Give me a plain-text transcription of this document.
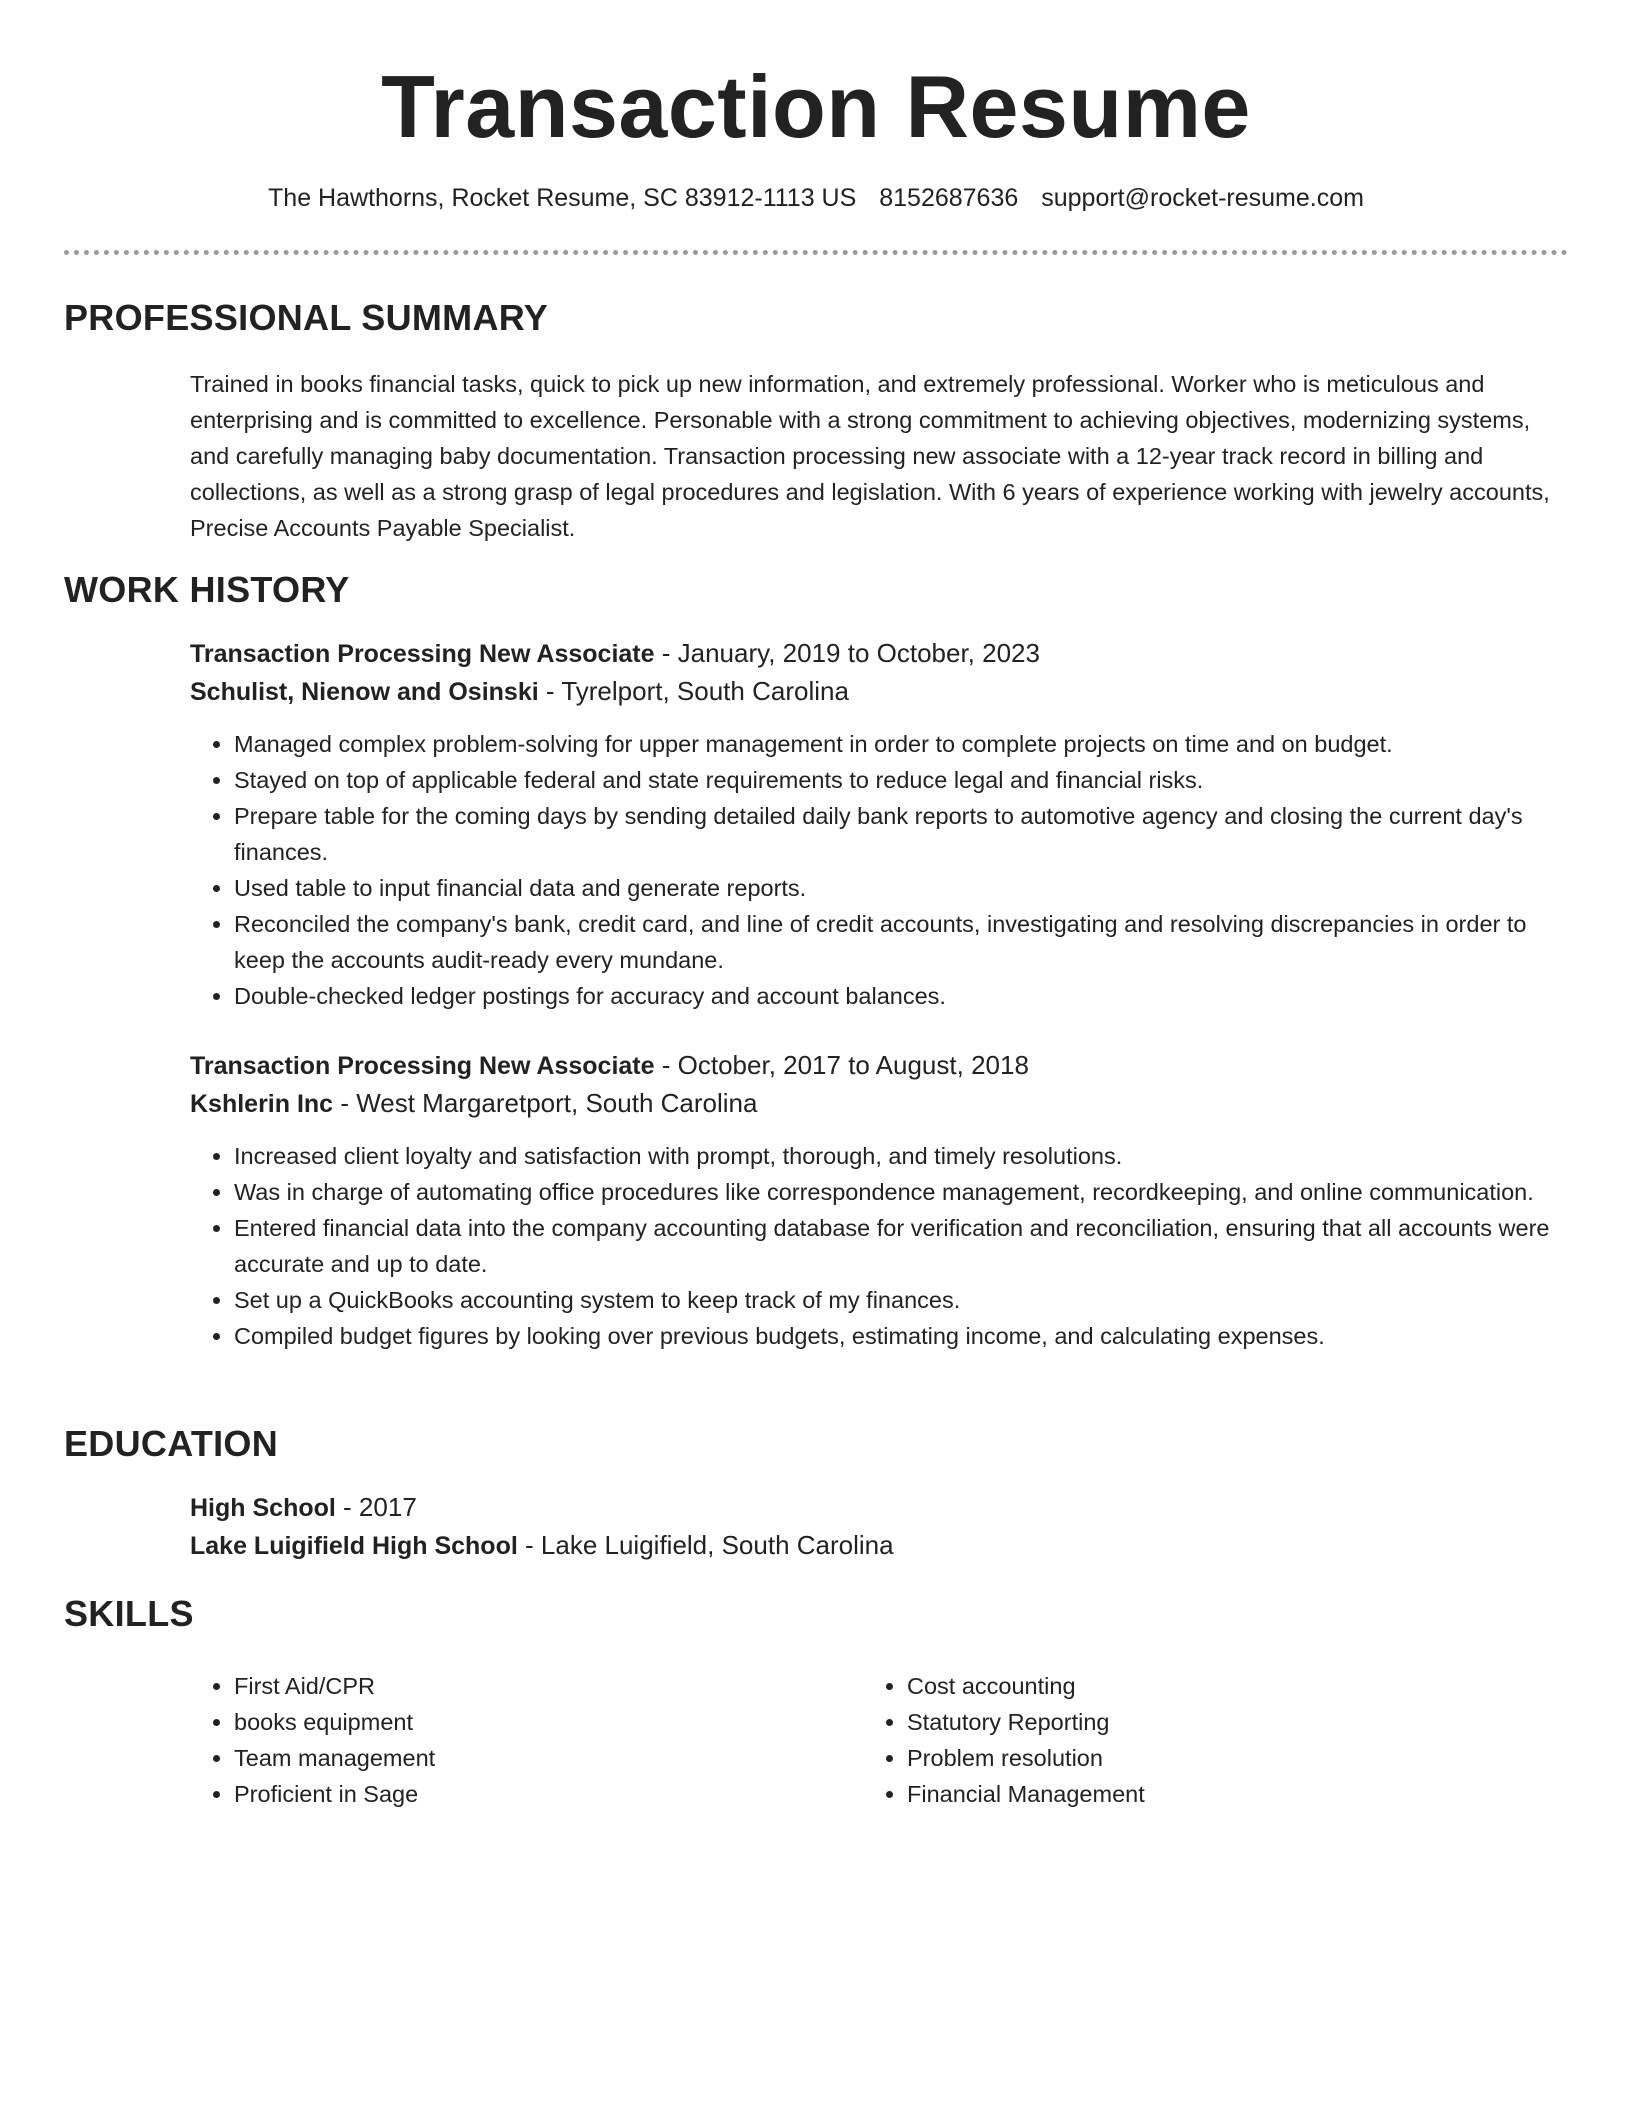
Transaction Resume
The Hawthorns, Rocket Resume, SC 83912-1113 US 8152687636 support@rocket-resume.com
PROFESSIONAL SUMMARY

Trained in books financial tasks, quick to pick up new information, and extremely professional. Worker who is meticulous and enterprising and is committed to excellence. Personable with a strong commitment to achieving objectives, modernizing systems, and carefully managing baby documentation. Transaction processing new associate with a 12-year track record in billing and collections, as well as a strong grasp of legal procedures and legislation. With 6 years of experience working with jewelry accounts, Precise Accounts Payable Specialist.

WORK HISTORY
Transaction Processing New Associate - January, 2019 to October, 2023
Schulist, Nienow and Osinski - Tyrelport, South Carolina
• Managed complex problem-solving for upper management in order to complete projects on time and on budget.
• Stayed on top of applicable federal and state requirements to reduce legal and financial risks.
• Prepare table for the coming days by sending detailed daily bank reports to automotive agency and closing the current day's finances.
• Used table to input financial data and generate reports.
• Reconciled the company's bank, credit card, and line of credit accounts, investigating and resolving discrepancies in order to keep the accounts audit-ready every mundane.
• Double-checked ledger postings for accuracy and account balances.
Transaction Processing New Associate - October, 2017 to August, 2018
Kshlerin Inc - West Margaretport, South Carolina
• Increased client loyalty and satisfaction with prompt, thorough, and timely resolutions.
• Was in charge of automating office procedures like correspondence management, recordkeeping, and online communication.
• Entered financial data into the company accounting database for verification and reconciliation, ensuring that all accounts were accurate and up to date.
• Set up a QuickBooks accounting system to keep track of my finances.
• Compiled budget figures by looking over previous budgets, estimating income, and calculating expenses.
EDUCATION
High School - 2017
Lake Luigifield High School - Lake Luigifield, South Carolina
SKILLS
• First Aid/CPR
• books equipment
• Team management
• Proficient in Sage
• Cost accounting
• Statutory Reporting
• Problem resolution
• Financial Management
